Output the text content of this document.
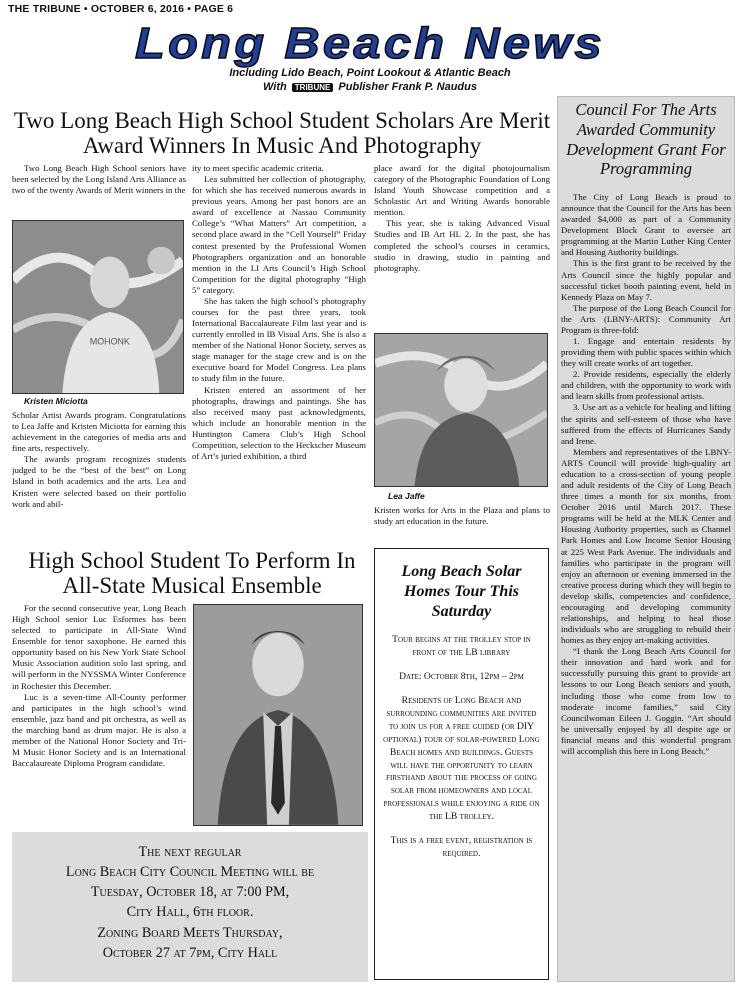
THE TRIBUNE • OCTOBER 6, 2016 • PAGE 6
Long Beach News
Including Lido Beach, Point Lookout & Atlantic Beach
With TRIBUNE Publisher Frank P. Naudus
Two Long Beach High School Student Scholars Are Merit Award Winners In Music And Photography

Two Long Beach High School seniors have been selected by the Long Island Arts Alliance as two of the twenty Awards of Merit winners in the

MOHONK
Kristen Miciotta

Scholar Artist Awards program. Congratulations to Lea Jaffe and Kristen Miciotta for earning this achievement in the categories of media arts and fine arts, respectively.

The awards program recognizes students judged to be the “best of the best” on Long Island in both academics and the arts. Lea and Kristen were selected based on their portfolio work and abil-

ity to meet specific academic criteria.

Lea submitted her collection of photography, for which she has received numerous awards in previous years. Among her past honors are an award of excellence at Nassau Community College’s “What Matters” Art competition, a second place award in the “Cell Yourself” Friday contest presented by the Professional Women Photographers organization and an honorable mention in the LI Arts Council’s High School Competition for the digital photography “High 5” category.

She has taken the high school’s photography courses for the past three years, took International Baccalaureate Film last year and is currently enrolled in IB Visual Arts. She is also a member of the National Honor Society, serves as stage manager for the stage crew and is on the executive board for Model Congress. Lea plans to study film in the future.

Kristen entered an assortment of her photographs, drawings and paintings. She has also received many past acknowledgments, which include an honorable mention in the Huntington Camera Club’s High School Competition, selection to the Heckscher Museum of Art’s juried exhibition, a third

place award for the digital photojournalism category of the Photographic Foundation of Long Island Youth Showcase competition and a Scholastic Art and Writing Awards honorable mention.

This year, she is taking Advanced Visual Studies and IB Art HL 2. In the past, she has completed the school’s courses in ceramics, studio in drawing, studio in painting and photography.

Lea Jaffe

Kristen works for Arts in the Plaza and plans to study art education in the future.

High School Student To Perform In All-State Musical Ensemble

For the second consecutive year, Long Beach High School senior Luc Esformes has been selected to participate in All-State Wind Ensemble for tenor saxophone. He earned this opportunity based on his New York State School Music Association audition solo last spring, and will perform in the NYSSMA Winter Conference in Rochester this December.

Luc is a seven-time All-County performer and participates in the high school’s wind ensemble, jazz band and pit orchestra, as well as the marching band as drum major. He is also a member of the National Honor Society and Tri-M Music Honor Society and is an International Baccalaureate Diploma Program candidate.

The next regular
Long Beach City Council Meeting will be
Tuesday, October 18, at 7:00 PM,
City Hall, 6th floor.
Zoning Board Meets Thursday,
October 27 at 7pm, City Hall
Long Beach Solar Homes Tour This Saturday

Tour begins at the trolley stop in front of the LB library

Date: October 8th, 12pm – 2pm

Residents of Long Beach and surrounding communities are invited to join us for a free guided (or DIY optional) tour of solar-powered Long Beach homes and buildings. Guests will have the opportunity to learn firsthand about the process of going solar from homeowners and local professionals while enjoying a ride on the LB trolley.

This is a free event, registration is required.

Council For The Arts Awarded Community Development Grant For Programming

The City of Long Beach is proud to announce that the Council for the Arts has been awarded $4,000 as part of a Community Development Block Grant to oversee art programming at the Martin Luther King Center and Housing Authority buildings.

This is the first grant to be received by the Arts Council since the highly popular and successful ticket booth painting event, held in Kennedy Plaza on May 7.

The purpose of the Long Beach Council for the Arts (LBNY-ARTS): Community Art Program is three-fold:

1. Engage and entertain residents by providing them with public spaces within which they will create works of art together.

2. Provide residents, especially the elderly and children, with the opportunity to work with and learn skills from professional artists.

3. Use art as a vehicle for healing and lifting the spirits and self-esteem of those who have suffered from the effects of Hurricanes Sandy and Irene.

Members and representatives of the LBNY-ARTS Council will provide high-quality art education to a cross-section of young people and adult residents of the City of Long Beach three times a month for six months, from October 2016 until March 2017. These programs will be held at the MLK Center and Housing Authority properties, such as Channel Park Homes and Low Income Senior Housing at 225 West Park Avenue. The individuals and families who participate in the program will enjoy an afternoon or evening immersed in the creative process during which they will begin to develop skills, competencies and confidence, encouraging and developing community relationships, and helping to heal those individuals who are struggling to rebuild their homes as they enjoy art-making activities.

“I thank the Long Beach Arts Council for their innovation and hard work and for successfully pursuing this grant to provide art lessons to our Long Beach seniors and youth, including those who come from low to moderate income families,” said City Councilwoman Eileen J. Goggin. “Art should be universally enjoyed by all despite age or financial means and this wonderful program will accomplish this here in Long Beach.”
